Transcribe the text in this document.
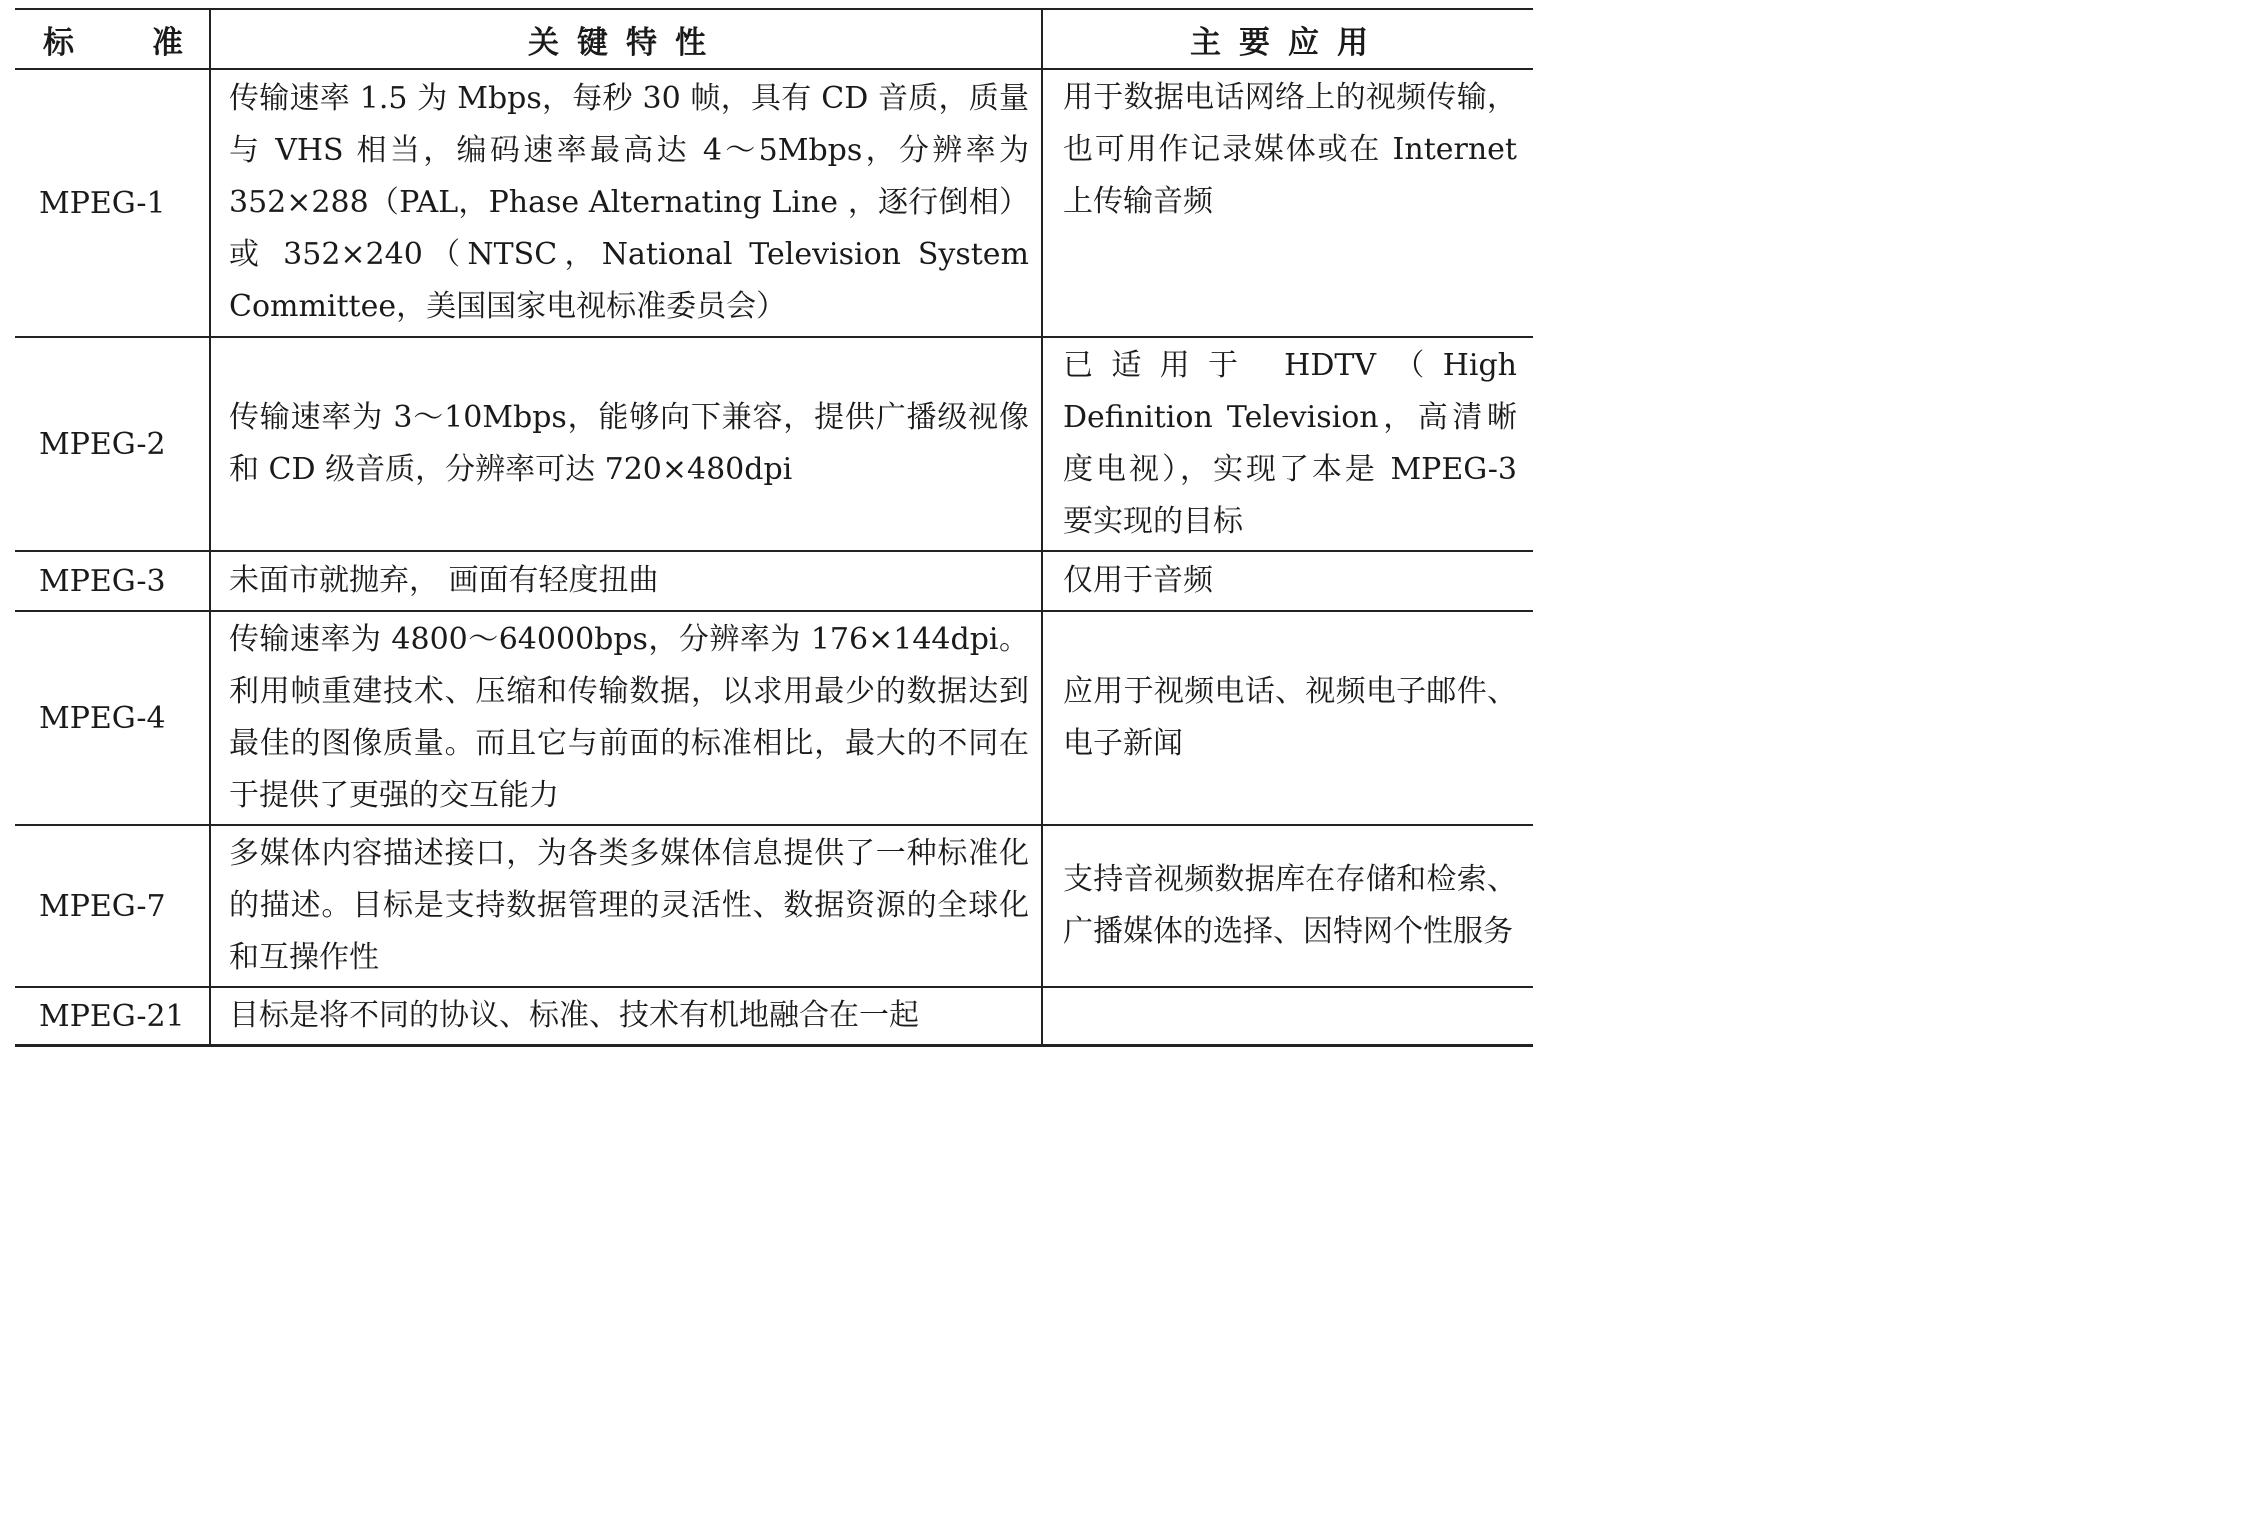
标 准	关键特性	主要应用
MPEG-1	传输速率 1.5 为 Mbps，每秒 30 帧，具有 CD 音质，质量与 VHS 相当，编码速率最高达 4～5Mbps，分辨率为 352×288（PAL，Phase Alternating Line ，逐行倒相）或 352×240（NTSC，National Television System Committee，美国国家电视标准委员会）	用于数据电话网络上的视频传输，也可用作记录媒体或在 Internet 上传输音频
MPEG-2	传输速率为 3～10Mbps，能够向下兼容，提供广播级视像和 CD 级音质，分辨率可达 720×480dpi	已适用于 HDTV（High Definition Television，高清晰度电视），实现了本是 MPEG-3 要实现的目标
MPEG-3	未面市就抛弃， 画面有轻度扭曲	仅用于音频
MPEG-4	传输速率为 4800～64000bps，分辨率为 176×144dpi。利用帧重建技术、压缩和传输数据，以求用最少的数据达到最佳的图像质量。而且它与前面的标准相比，最大的不同在于提供了更强的交互能力	应用于视频电话、视频电子邮件、电子新闻
MPEG-7	多媒体内容描述接口，为各类多媒体信息提供了一种标准化的描述。目标是支持数据管理的灵活性、数据资源的全球化和互操作性	支持音视频数据库在存储和检索、广播媒体的选择、因特网个性服务
MPEG-21	目标是将不同的协议、标准、技术有机地融合在一起	
